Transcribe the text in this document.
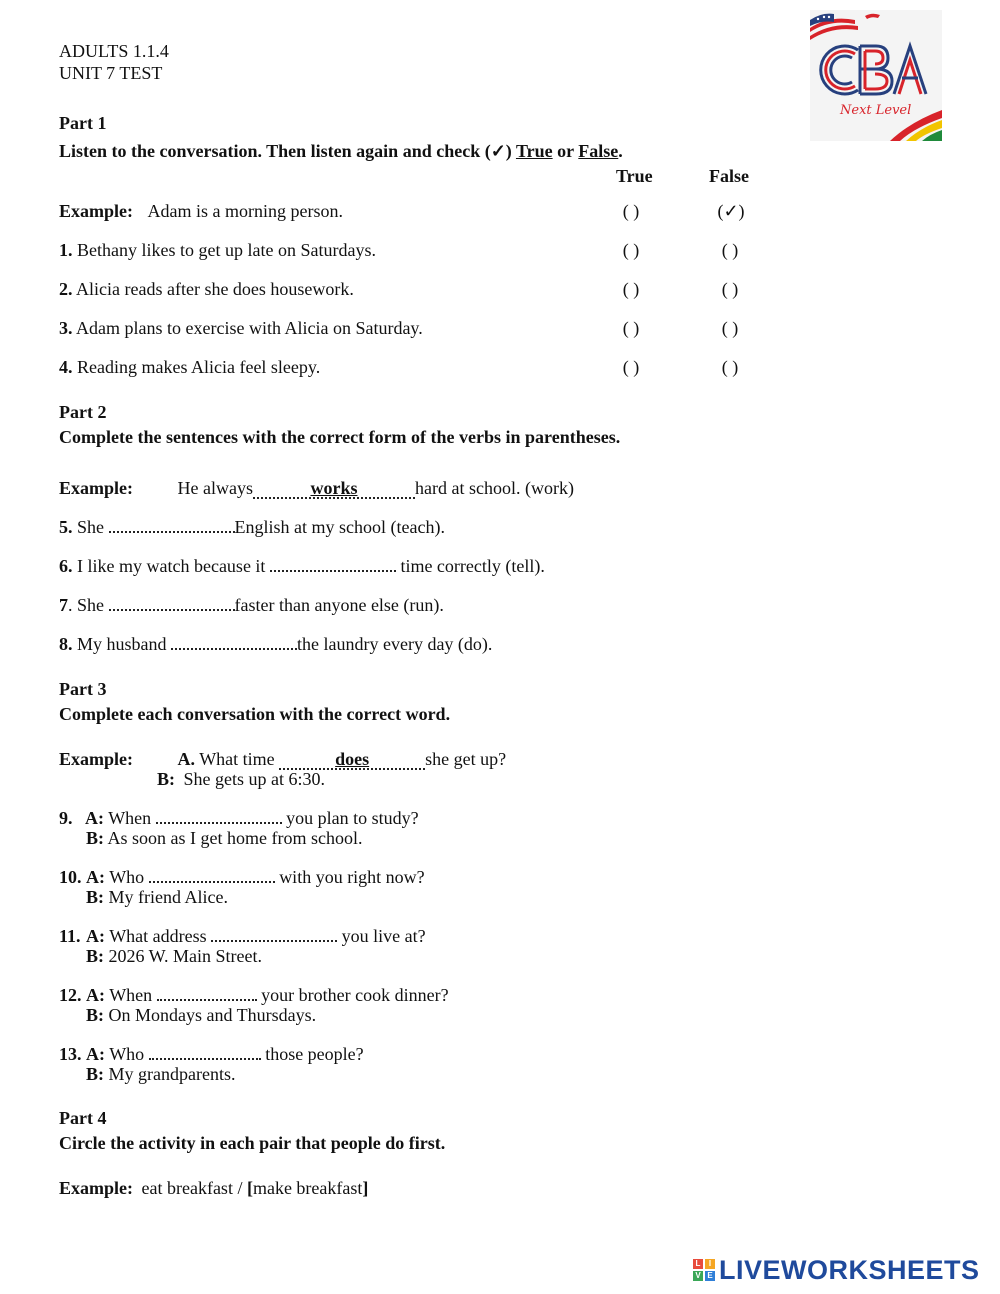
ADULTS 1.1.4
UNIT 7 TEST
Next Level
Part 1
Listen to the conversation. Then listen again and check (✓) True or False.
True	False
Example: Adam is a morning person.	( )	(✓)
1. Bethany likes to get up late on Saturdays.	( )	( )
2. Alicia reads after she does housework.	( )	( )
3. Adam plans to exercise with Alicia on Saturday.	( )	( )
4. Reading makes Alicia feel sleepy.	( )	( )
Part 2
Complete the sentences with the correct form of the verbs in parentheses.
Example: He always	works	hard at school. (work)
5. She	English at my school (teach).
6. I like my watch because it	time correctly (tell).
7. She	faster than anyone else (run).
8. My husband	the laundry every day (do).
Part 3
Complete each conversation with the correct word.
Example: A. What time	does	she get up?
B: She gets up at 6:30.
9. A: When	you plan to study?
B: As soon as I get home from school.
10. A: Who	with you right now?
B: My friend Alice.
11. A: What address	you live at?
B: 2026 W. Main Street.
12. A: When	your brother cook dinner?
B: On Mondays and Thursdays.
13. A: Who	those people?
B: My grandparents.
Part 4
Circle the activity in each pair that people do first.
Example: eat breakfast / [make breakfast]
L	I
V E LIVEWORKSHEETS
